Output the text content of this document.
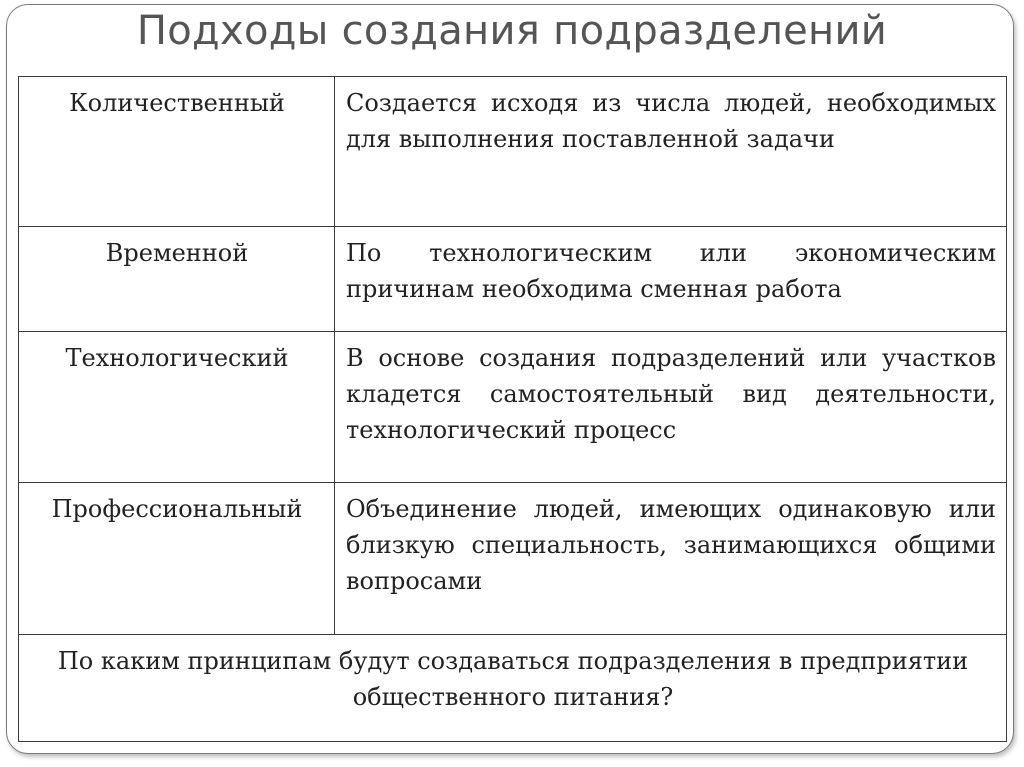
Подходы создания подразделений
Количественный	Создается исходя из числа людей, необходимых для выполнения поставленной задачи
Временной	По технологическим или экономическим причинам необходима сменная работа
Технологический	В основе создания подразделений или участков кладется самостоятельный вид деятельности, технологический процесс
Профессиональный	Объединение людей, имеющих одинаковую или близкую специальность, занимающихся общими вопросами
По каким принципам будут создаваться подразделения в предприятии общественного питания?	
